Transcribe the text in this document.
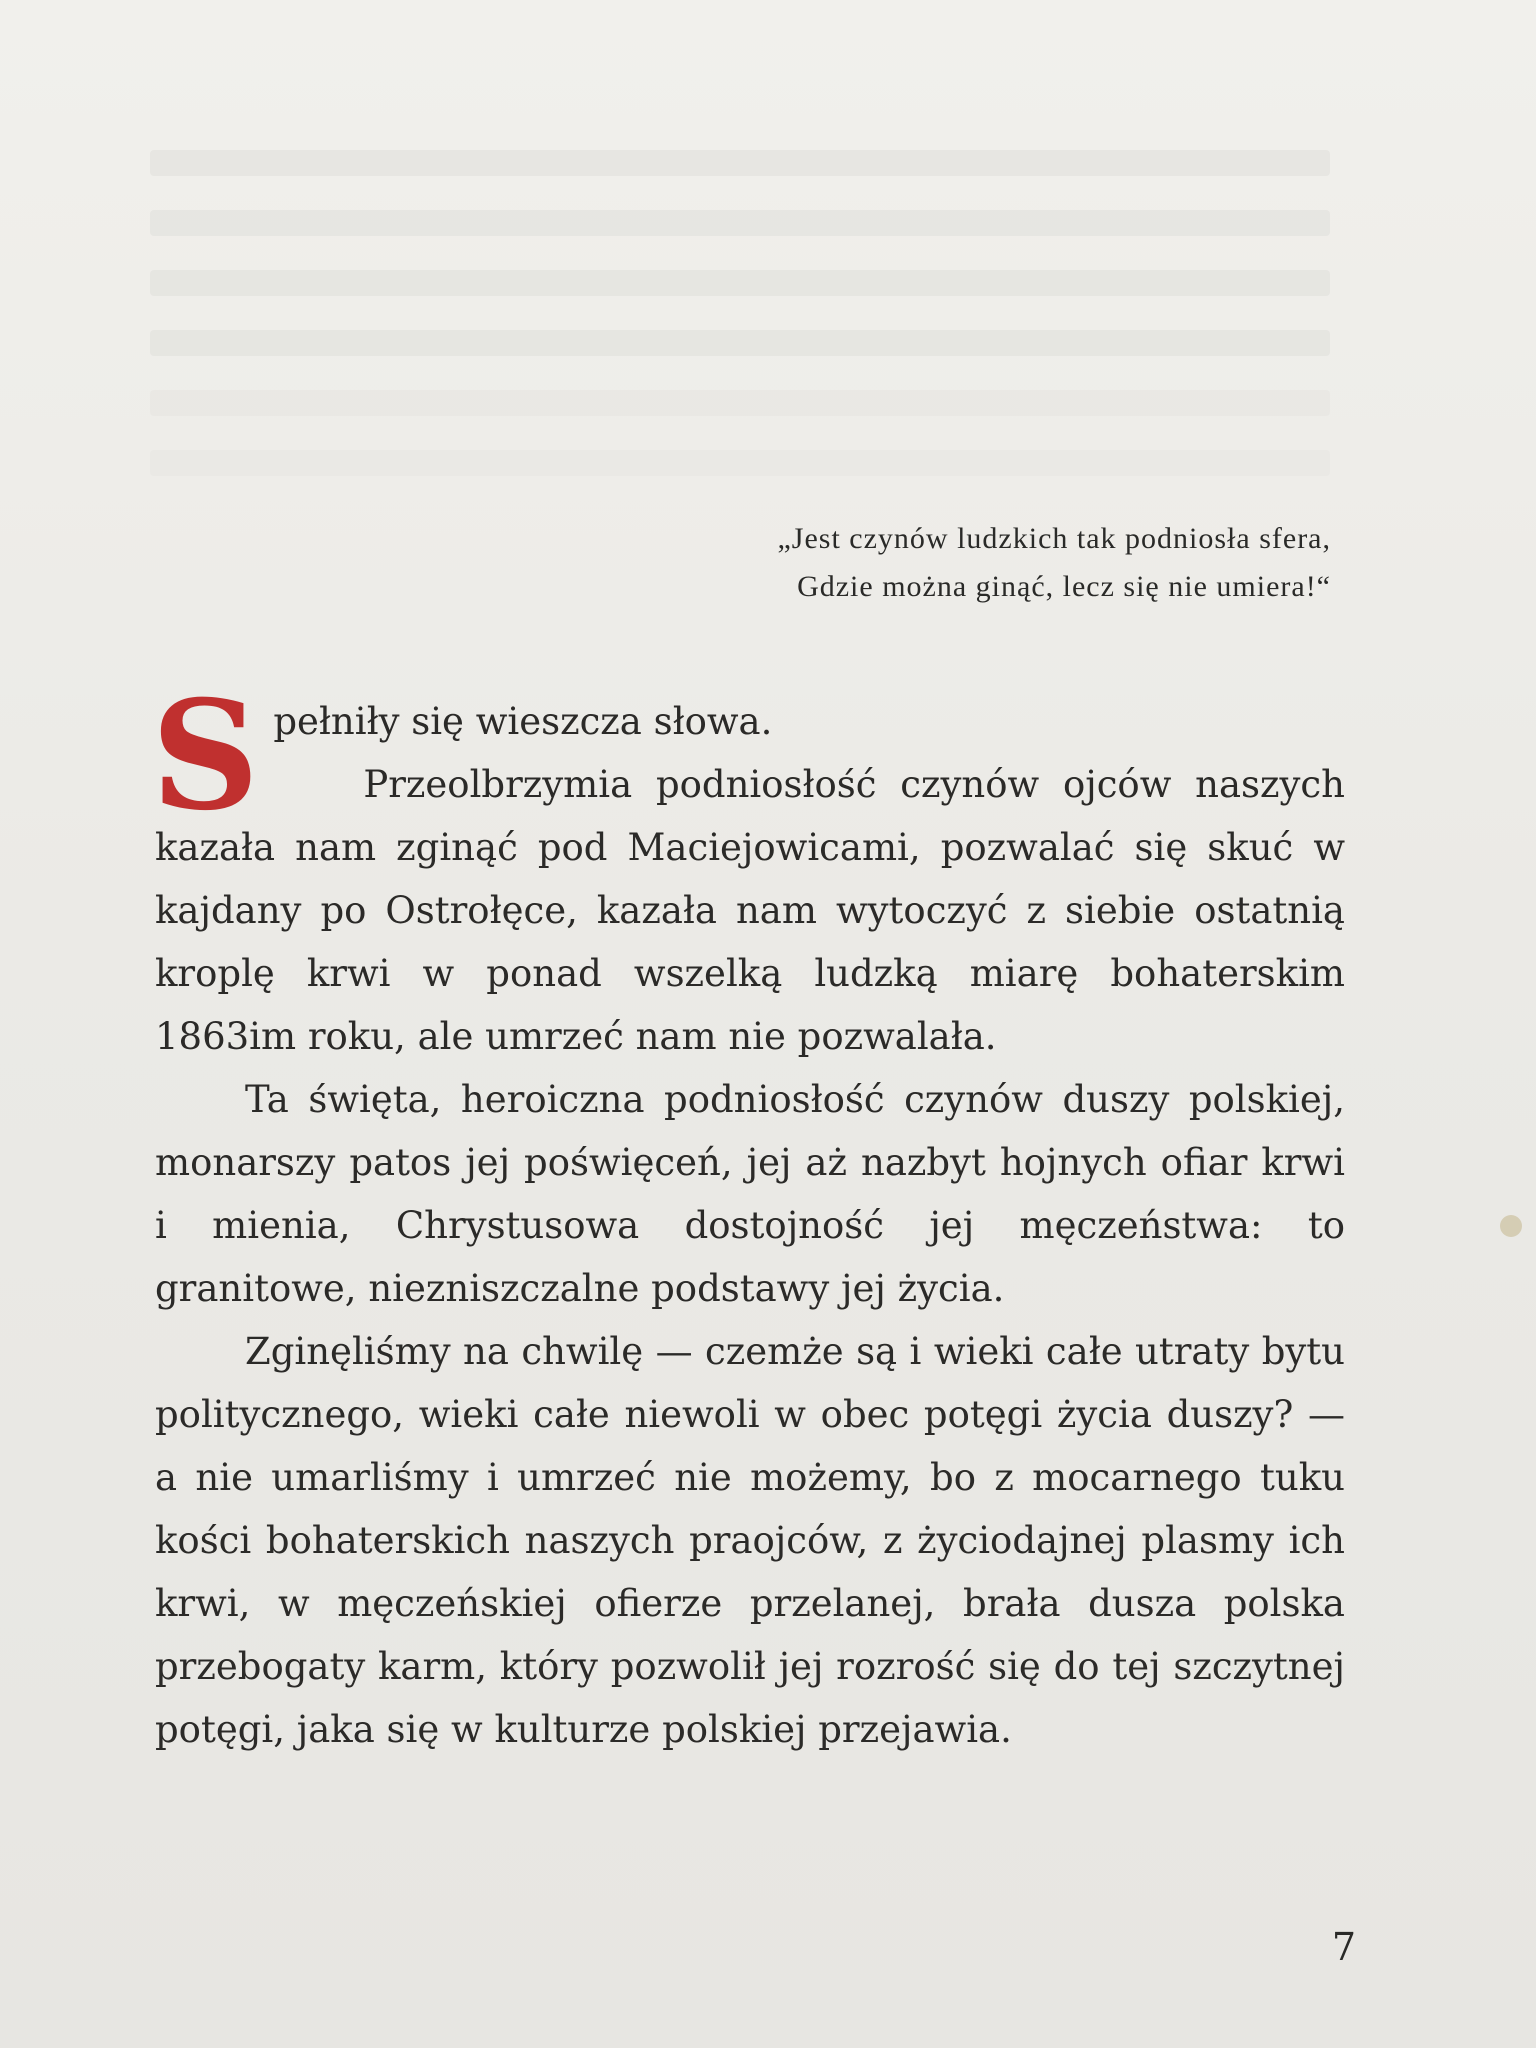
„Jest czynów ludzkich tak podniosła sfera,
Gdzie można ginąć, lecz się nie umiera!“

Spełniły się wieszcza słowa.

Przeolbrzymia podniosłość czynów ojców naszych kazała nam zginąć pod Maciejowicami, pozwalać się skuć w kajdany po Ostrołęce, kazała nam wytoczyć z siebie ostatnią kroplę krwi w ponad wszelką ludzką miarę bohaterskim 1863im roku, ale umrzeć nam nie pozwalała.

Ta święta, heroiczna podniosłość czynów duszy polskiej, monarszy patos jej poświęceń, jej aż nazbyt hojnych ofiar krwi i mienia, Chrystusowa dostojność jej męczeństwa: to granitowe, niezniszczalne podstawy jej życia.

Zginęliśmy na chwilę — czemże są i wieki całe utraty bytu politycznego, wieki całe niewoli w obec potęgi życia duszy? — a nie umarliśmy i umrzeć nie możemy, bo z mocarnego tuku kości bohaterskich naszych praojców, z życiodajnej plasmy ich krwi, w męczeńskiej ofierze przelanej, brała dusza polska przebogaty karm, który pozwolił jej rozrość się do tej szczytnej potęgi, jaka się w kulturze polskiej przejawia.

7
